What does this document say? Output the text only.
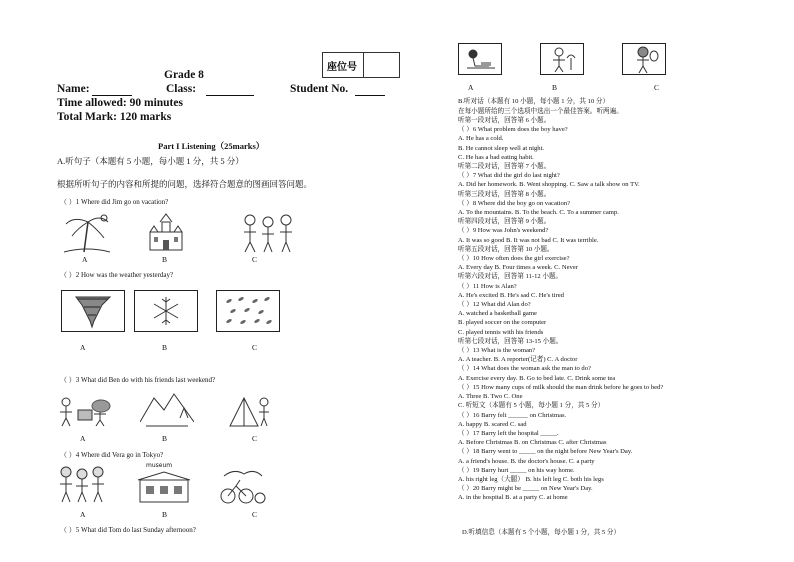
座位号
Grade 8
Name:	Class:	Student No.
Time allowed: 90 minutes
Total Mark: 120 marks
Part I Listening（25marks）
A.听句子（本题有 5 小题，每小题 1 分，共 5 分）
根据所听句子的内容和所提的问题，选择符合题意的图画回答问题。
（ ）1 Where did Jim go on vacation?
A	B	C
（ ）2 How was the weather yesterday?
A	B	C
（ ）3 What did Ben do with his friends last weekend?
A	B	C
（ ）4 Where did Vera go in Tokyo?
museum
A	B	C
（ ）5 What did Tom do last Sunday afternoon?
A	B	C
B.听对话（本题有 10 小题，每小题 1 分，共 10 分）
在每小题所给的三个选项中选出一个最佳答案。听两遍。
听第一段对话，回答第 6 小题。
（ ）6 What problem does the boy have?
A. He has a cold.
B. He cannot sleep well at night.
C. He has a bad eating habit.
听第二段对话，回答第 7 小题。
（ ）7 What did the girl do last night?
A. Did her homework. B. Went shopping. C. Saw a talk show on TV.
听第三段对话，回答第 8 小题。
（ ）8 Where did the boy go on vacation?
A. To the mountains. B. To the beach. C. To a summer camp.
听第四段对话，回答第 9 小题。
（ ）9 How was John's weekend?
A. It was so good B. It was not bad C. It was terrible.
听第五段对话，回答第 10 小题。
（ ）10 How often does the girl exercise?
A. Every day B. Four times a week. C. Never
听第六段对话，回答第 11-12 小题。
（ ）11 How is Alan?
A. He's excited B. He's sad C. He's tired
（ ）12 What did Alan do?
A. watched a basketball game
B. played soccer on the computer
C. played tennis with his friends
听第七段对话，回答第 13-15 小题。
（ ）13 What is the woman?
A. A teacher. B. A reporter(记者) C. A doctor
（ ）14 What does the woman ask the man to do?
A. Exercise every day. B. Go to bed late. C. Drink some tea
（ ）15 How many cups of milk should the man drink before he goes to bed?
A. Three B. Two C. One
C. 听短文（本题有 5 小题，每小题 1 分，共 5 分）
（ ）16 Barry felt ______ on Christmas.
A. happy B. scared C. sad
（ ）17 Barry left the hospital _____.
A. Before Christmas B. on Christmas C. after Christmas
（ ）18 Barry went to _____ on the night before New Year's Day.
A. a friend's house. B. the doctor's house. C. a party
（ ）19 Barry hurt _____ on his way home.
A. his right leg（大腿） B. his left leg C. both his legs
（ ）20 Barry might be _____ on New Year's Day.
A. in the hospital B. at a party C. at home
D.听填信息（本题有 5 个小题，每小题 1 分，共 5 分）
